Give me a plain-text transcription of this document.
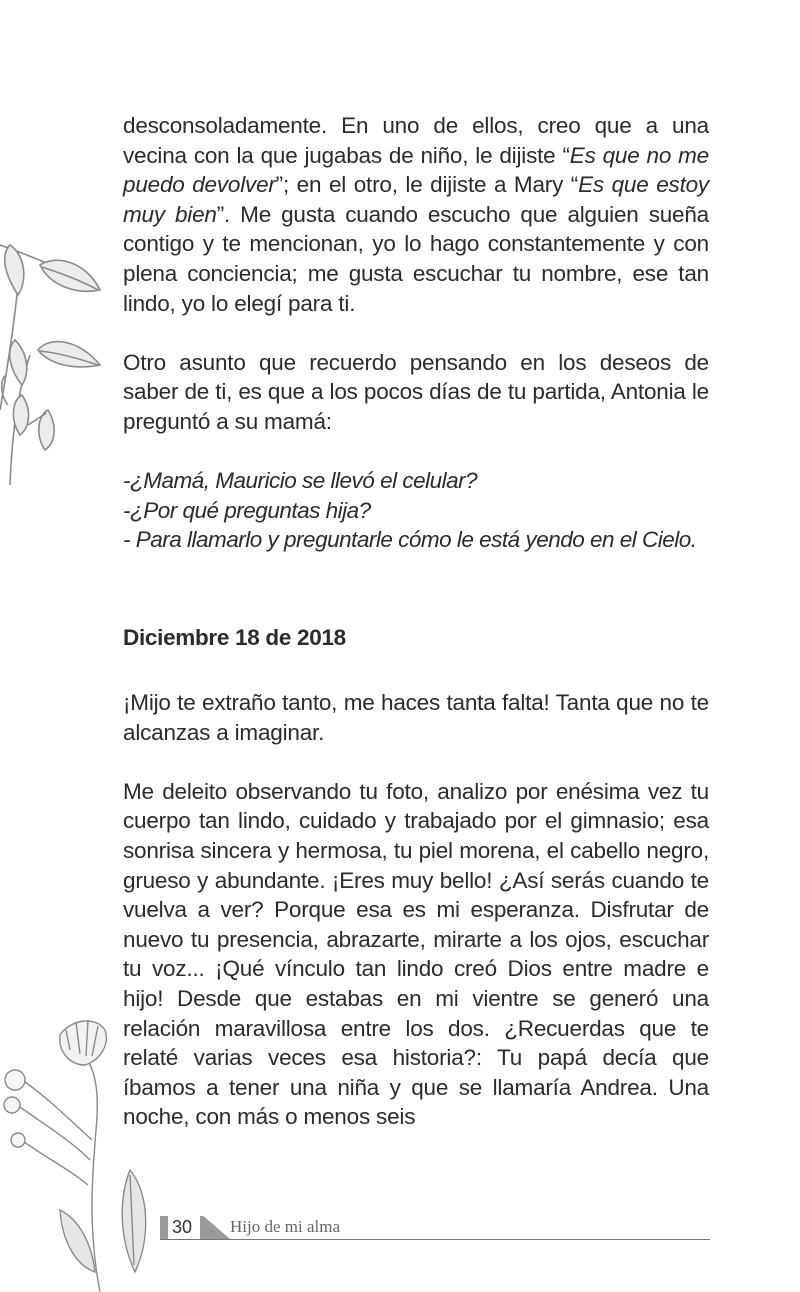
desconsoladamente. En uno de ellos, creo que a una vecina con la que jugabas de niño, le dijiste “Es que no me puedo devolver”; en el otro, le dijiste a Mary “Es que estoy muy bien”. Me gusta cuando escucho que alguien sueña contigo y te mencionan, yo lo hago constantemente y con plena conciencia; me gusta escuchar tu nombre, ese tan lindo, yo lo elegí para ti.

Otro asunto que recuerdo pensando en los deseos de saber de ti, es que a los pocos días de tu partida, Antonia le preguntó a su mamá:

-¿Mamá, Mauricio se llevó el celular?

-¿Por qué preguntas hija?

- Para llamarlo y preguntarle cómo le está yendo en el Cielo.

Diciembre 18 de 2018

¡Mijo te extraño tanto, me haces tanta falta! Tanta que no te alcanzas a imaginar.

Me deleito observando tu foto, analizo por enésima vez tu cuerpo tan lindo, cuidado y trabajado por el gimnasio; esa sonrisa sincera y hermosa, tu piel morena, el cabello negro, grueso y abundante. ¡Eres muy bello! ¿Así serás cuando te vuelva a ver? Porque esa es mi esperanza. Disfrutar de nuevo tu presencia, abrazarte, mirarte a los ojos, escuchar tu voz... ¡Qué vínculo tan lindo creó Dios entre madre e hijo! Desde que estabas en mi vientre se generó una relación maravillosa entre los dos. ¿Recuerdas que te relaté varias veces esa historia?: Tu papá decía que íbamos a tener una niña y que se llamaría Andrea. Una noche, con más o menos seis

30 Hijo de mi alma
